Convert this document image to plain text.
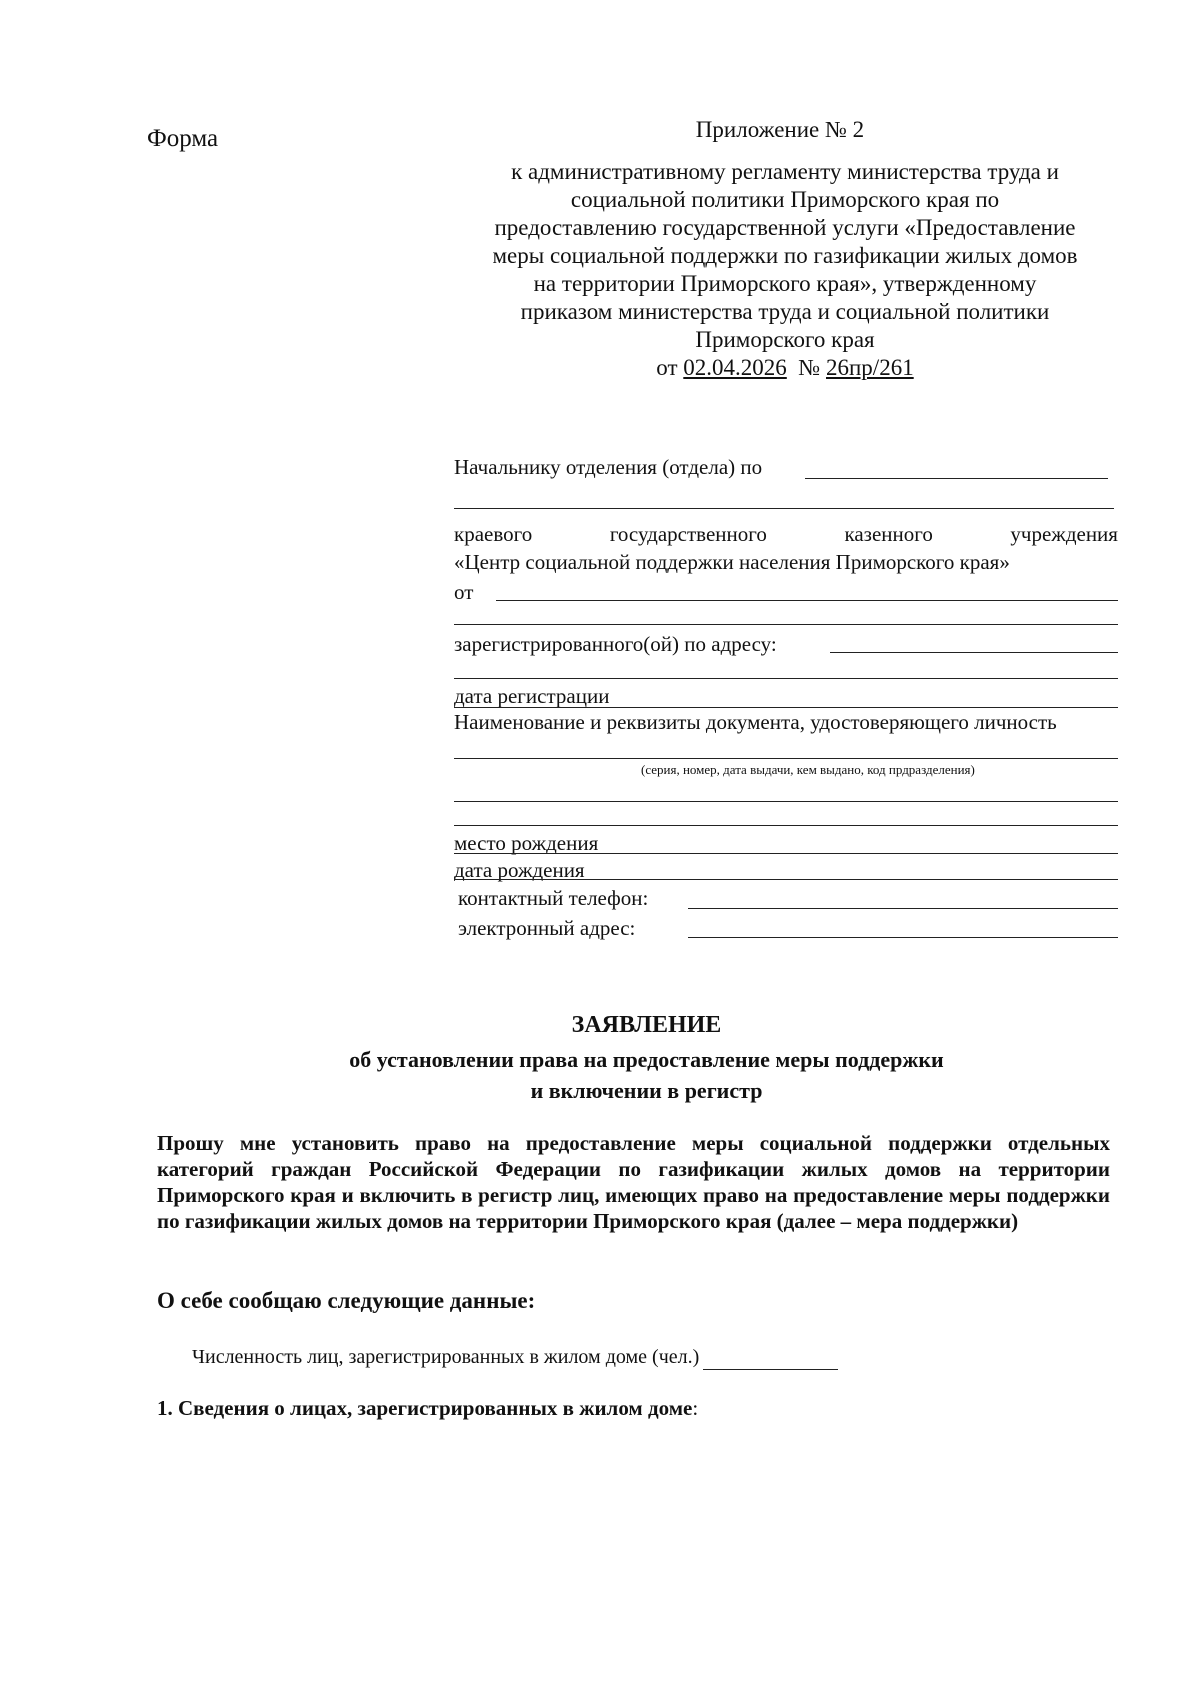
Форма	Приложение № 2
к административному регламенту министерства труда и
социальной политики Приморского края по
предоставлению государственной услуги «Предоставление
меры социальной поддержки по газификации жилых домов
на территории Приморского края», утвержденному
приказом министерства труда и социальной политики
Приморского края
от 02.04.2026 № 26пр/261
Начальнику отделения (отдела) по
краевого	государственного	казенного	учреждения
«Центр социальной поддержки населения Приморского края»
от
зарегистрированного(ой) по адресу:
дата регистрации
Наименование и реквизиты документа, удостоверяющего личность
(серия, номер, дата выдачи, кем выдано, код прдразделения)
место рождения
дата рождения
контактный телефон:
электронный адрес:
ЗАЯВЛЕНИЕ
об установлении права на предоставление меры поддержки
и включении в регистр
Прошу мне установить право на предоставление меры социальной поддержки отдельных категорий граждан Российской Федерации по газификации жилых домов на территории Приморского края и включить в регистр лиц, имеющих право на предоставление меры поддержки по газификации жилых домов на территории Приморского края (далее – мера поддержки)
О себе сообщаю следующие данные:
Численность лиц, зарегистрированных в жилом доме (чел.)
1. Сведения о лицах, зарегистрированных в жилом доме:
